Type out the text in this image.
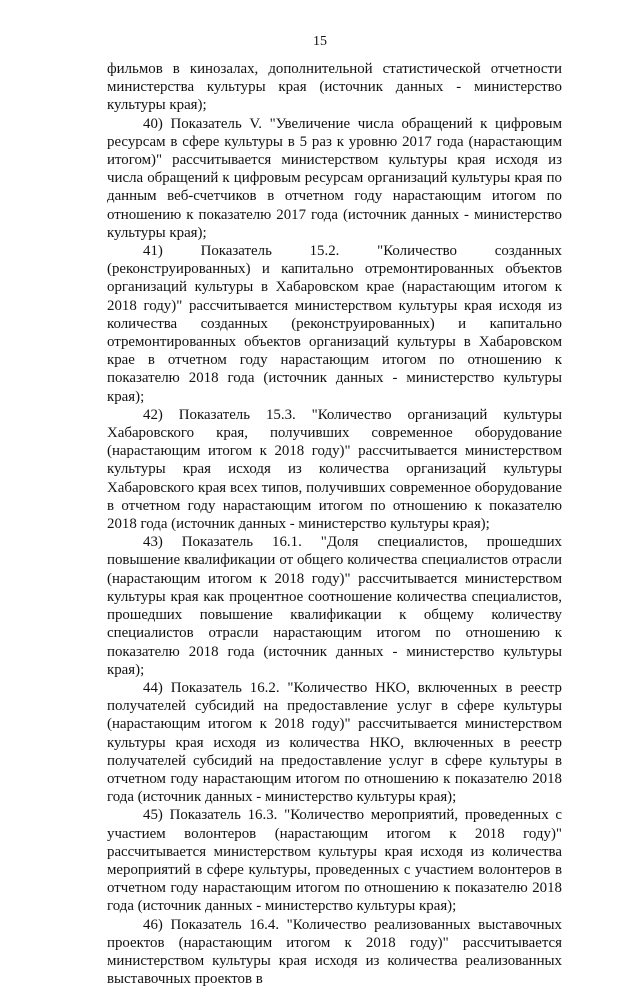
15

фильмов в кинозалах, дополнительной статистической отчетности министерства культуры края (источник данных - министерство культуры края);

40) Показатель V. "Увеличение числа обращений к цифровым ресурсам в сфере культуры в 5 раз к уровню 2017 года (нарастающим итогом)" рассчитывается министерством культуры края исходя из числа обращений к цифровым ресурсам организаций культуры края по данным веб-счетчиков в отчетном году нарастающим итогом по отношению к показателю 2017 года (источник данных - министерство культуры края);

41) Показатель 15.2. "Количество созданных (реконструированных) и капитально отремонтированных объектов организаций культуры в Хабаровском крае (нарастающим итогом к 2018 году)" рассчитывается министерством культуры края исходя из количества созданных (реконструированных) и капитально отремонтированных объектов организаций культуры в Хабаровском крае в отчетном году нарастающим итогом по отношению к показателю 2018 года (источник данных - министерство культуры края);

42) Показатель 15.3. "Количество организаций культуры Хабаровского края, получивших современное оборудование (нарастающим итогом к 2018 году)" рассчитывается министерством культуры края исходя из количества организаций культуры Хабаровского края всех типов, получивших современное оборудование в отчетном году нарастающим итогом по отношению к показателю 2018 года (источник данных - министерство культуры края);

43) Показатель 16.1. "Доля специалистов, прошедших повышение квалификации от общего количества специалистов отрасли (нарастающим итогом к 2018 году)" рассчитывается министерством культуры края как процентное соотношение количества специалистов, прошедших повышение квалификации к общему количеству специалистов отрасли нарастающим итогом по отношению к показателю 2018 года (источник данных - министерство культуры края);

44) Показатель 16.2. "Количество НКО, включенных в реестр получателей субсидий на предоставление услуг в сфере культуры (нарастающим итогом к 2018 году)" рассчитывается министерством культуры края исходя из количества НКО, включенных в реестр получателей субсидий на предоставление услуг в сфере культуры в отчетном году нарастающим итогом по отношению к показателю 2018 года (источник данных - министерство культуры края);

45) Показатель 16.3. "Количество мероприятий, проведенных с участием волонтеров (нарастающим итогом к 2018 году)" рассчитывается министерством культуры края исходя из количества мероприятий в сфере культуры, проведенных с участием волонтеров в отчетном году нарастающим итогом по отношению к показателю 2018 года (источник данных - министерство культуры края);

46) Показатель 16.4. "Количество реализованных выставочных проектов (нарастающим итогом к 2018 году)" рассчитывается министерством культуры края исходя из количества реализованных выставочных проектов в
